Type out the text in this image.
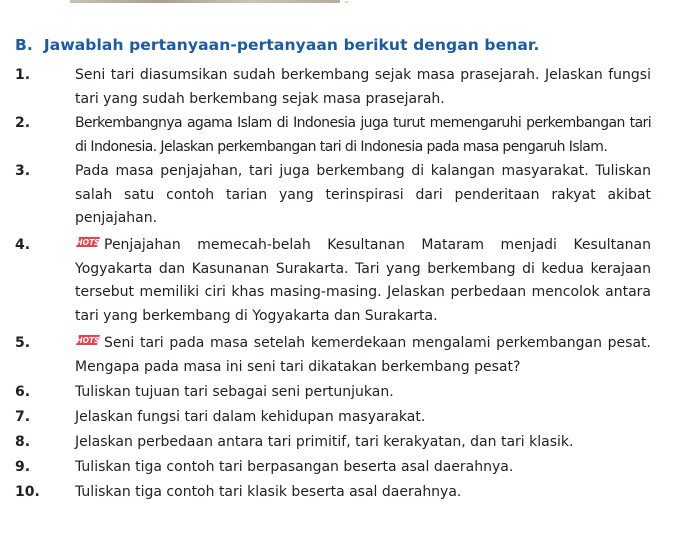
~
B. Jawablah pertanyaan-pertanyaan berikut dengan benar.
1.	Seni tari diasumsikan sudah berkembang sejak masa prasejarah. Jelaskan fungsi tari yang sudah berkembang sejak masa prasejarah.
2.	Berkembangnya agama Islam di Indonesia juga turut memengaruhi perkembangan tari di Indonesia. Jelaskan perkembangan tari di Indonesia pada masa pengaruh Islam.
3.	Pada masa penjajahan, tari juga berkembang di kalangan masyarakat. Tuliskan salah satu contoh tarian yang terinspirasi dari penderitaan rakyat akibat penjajahan.
4.	HOTS Penjajahan memecah-belah Kesultanan Mataram menjadi Kesultanan Yogyakarta dan Kasunanan Surakarta. Tari yang berkembang di kedua kerajaan tersebut memiliki ciri khas masing-masing. Jelaskan perbedaan mencolok antara tari yang berkembang di Yogyakarta dan Surakarta.
5.	HOTS Seni tari pada masa setelah kemerdekaan mengalami perkembangan pesat. Mengapa pada masa ini seni tari dikatakan berkembang pesat?
6.	Tuliskan tujuan tari sebagai seni pertunjukan.
7.	Jelaskan fungsi tari dalam kehidupan masyarakat.
8.	Jelaskan perbedaan antara tari primitif, tari kerakyatan, dan tari klasik.
9.	Tuliskan tiga contoh tari berpasangan beserta asal daerahnya.
10.	Tuliskan tiga contoh tari klasik beserta asal daerahnya.
